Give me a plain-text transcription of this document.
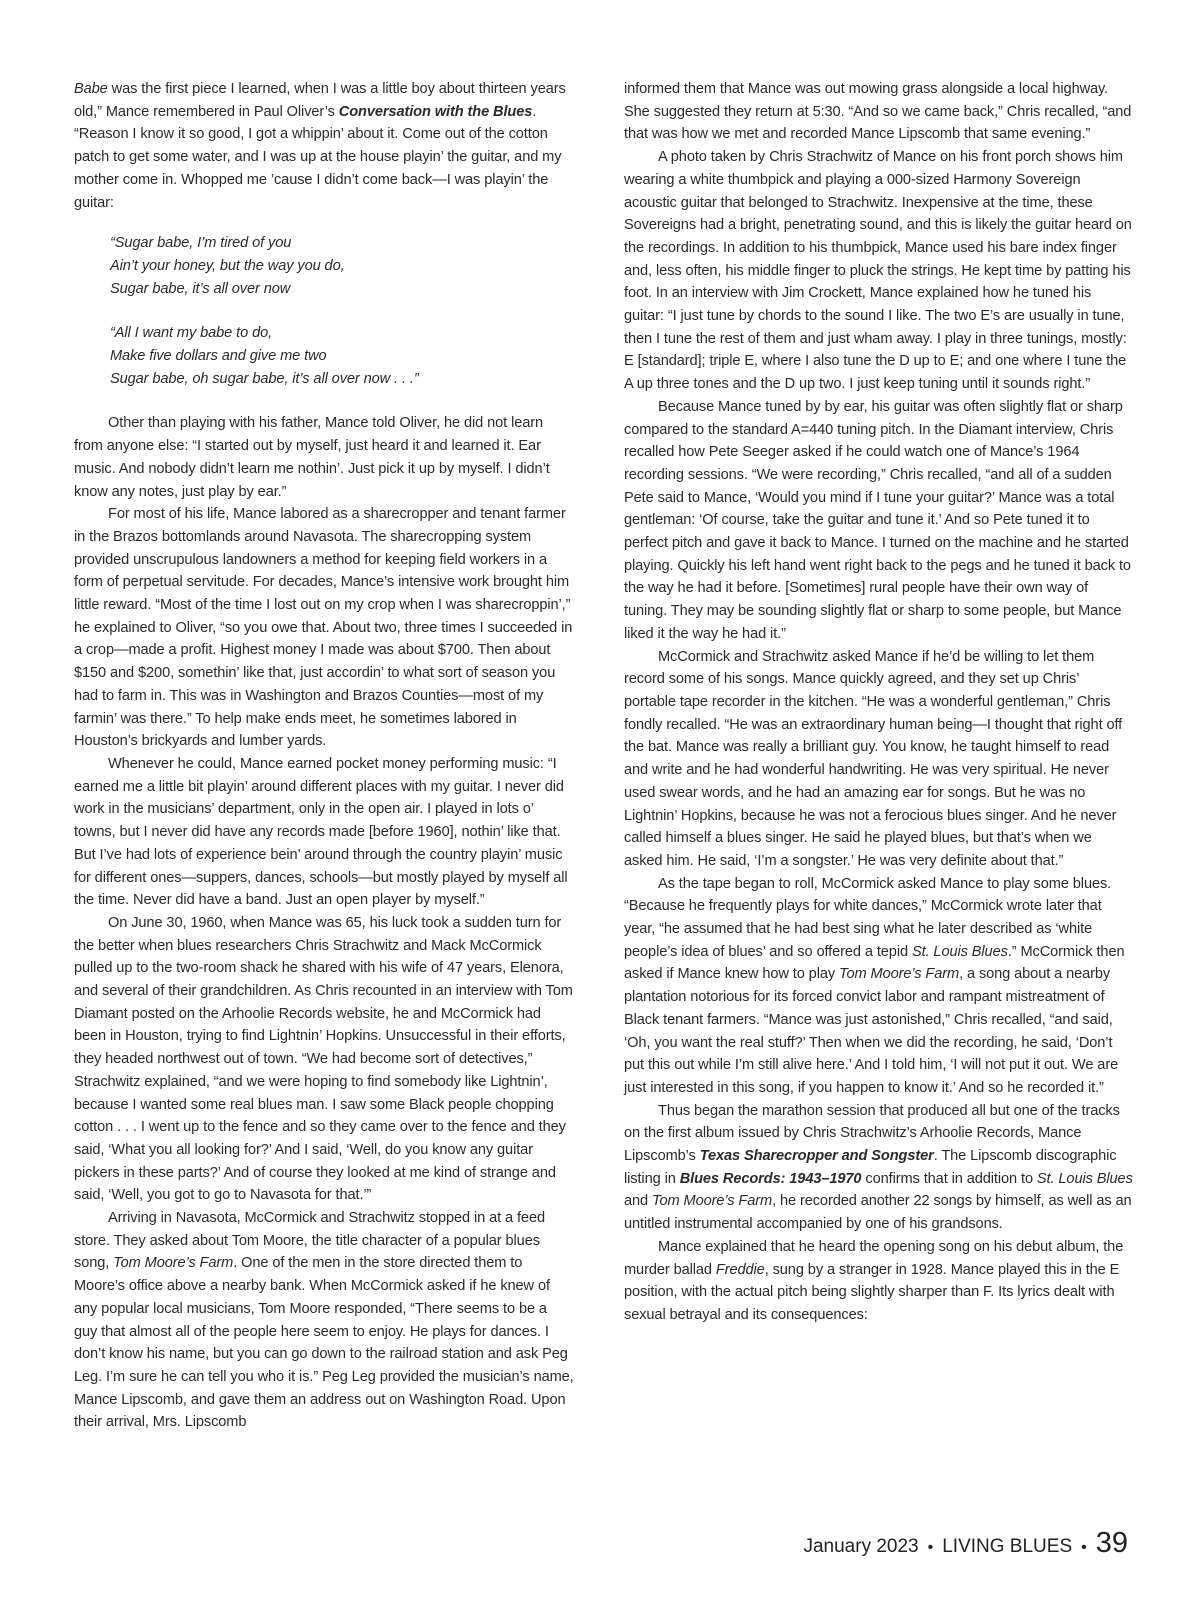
Babe was the first piece I learned, when I was a little boy about thirteen years old,” Mance remembered in Paul Oliver’s Conversation with the Blues. “Reason I know it so good, I got a whippin’ about it. Come out of the cotton patch to get some water, and I was up at the house playin’ the guitar, and my mother come in. Whopped me ’cause I didn’t come back—I was playin’ the guitar:

“Sugar babe, I’m tired of you
Ain’t your honey, but the way you do,
Sugar babe, it’s all over now
“All I want my babe to do,
Make five dollars and give me two
Sugar babe, oh sugar babe, it’s all over now . . .”

Other than playing with his father, Mance told Oliver, he did not learn from anyone else: “I started out by myself, just heard it and learned it. Ear music. And nobody didn’t learn me nothin’. Just pick it up by myself. I didn’t know any notes, just play by ear.”

For most of his life, Mance labored as a sharecropper and tenant farmer in the Brazos bottomlands around Navasota. The sharecropping system provided unscrupulous landowners a method for keeping field workers in a form of perpetual servitude. For decades, Mance’s intensive work brought him little reward. “Most of the time I lost out on my crop when I was sharecroppin’,” he explained to Oliver, “so you owe that. About two, three times I succeeded in a crop—made a profit. Highest money I made was about $700. Then about $150 and $200, somethin’ like that, just accordin’ to what sort of season you had to farm in. This was in Washington and Brazos Counties—most of my farmin’ was there.” To help make ends meet, he sometimes labored in Houston’s brickyards and lumber yards.

Whenever he could, Mance earned pocket money performing music: “I earned me a little bit playin’ around different places with my guitar. I never did work in the musicians’ department, only in the open air. I played in lots o’ towns, but I never did have any records made [before 1960], nothin’ like that. But I’ve had lots of experience bein’ around through the country playin’ music for different ones—suppers, dances, schools—but mostly played by myself all the time. Never did have a band. Just an open player by myself.”

On June 30, 1960, when Mance was 65, his luck took a sudden turn for the better when blues researchers Chris Strachwitz and Mack McCormick pulled up to the two-room shack he shared with his wife of 47 years, Elenora, and several of their grandchildren. As Chris recounted in an interview with Tom Diamant posted on the Arhoolie Records website, he and McCormick had been in Houston, trying to find Lightnin’ Hopkins. Unsuccessful in their efforts, they headed northwest out of town. “We had become sort of detectives,” Strachwitz explained, “and we were hoping to find somebody like Lightnin’, because I wanted some real blues man. I saw some Black people chopping cotton . . . I went up to the fence and so they came over to the fence and they said, ‘What you all looking for?’ And I said, ‘Well, do you know any guitar pickers in these parts?’ And of course they looked at me kind of strange and said, ‘Well, you got to go to Navasota for that.’”

Arriving in Navasota, McCormick and Strachwitz stopped in at a feed store. They asked about Tom Moore, the title character of a popular blues song, Tom Moore’s Farm. One of the men in the store directed them to Moore’s office above a nearby bank. When McCormick asked if he knew of any popular local musicians, Tom Moore responded, “There seems to be a guy that almost all of the people here seem to enjoy. He plays for dances. I don’t know his name, but you can go down to the railroad station and ask Peg Leg. I’m sure he can tell you who it is.” Peg Leg provided the musician’s name, Mance Lipscomb, and gave them an address out on Washington Road. Upon their arrival, Mrs. Lipscomb

informed them that Mance was out mowing grass alongside a local highway. She suggested they return at 5:30. “And so we came back,” Chris recalled, “and that was how we met and recorded Mance Lipscomb that same evening.”

A photo taken by Chris Strachwitz of Mance on his front porch shows him wearing a white thumbpick and playing a 000-sized Harmony Sovereign acoustic guitar that belonged to Strachwitz. Inexpensive at the time, these Sovereigns had a bright, penetrating sound, and this is likely the guitar heard on the recordings. In addition to his thumbpick, Mance used his bare index finger and, less often, his middle finger to pluck the strings. He kept time by patting his foot. In an interview with Jim Crockett, Mance explained how he tuned his guitar: “I just tune by chords to the sound I like. The two E’s are usually in tune, then I tune the rest of them and just wham away. I play in three tunings, mostly: E [standard]; triple E, where I also tune the D up to E; and one where I tune the A up three tones and the D up two. I just keep tuning until it sounds right.”

Because Mance tuned by by ear, his guitar was often slightly flat or sharp compared to the standard A=440 tuning pitch. In the Diamant interview, Chris recalled how Pete Seeger asked if he could watch one of Mance’s 1964 recording sessions. “We were recording,” Chris recalled, “and all of a sudden Pete said to Mance, ‘Would you mind if I tune your guitar?’ Mance was a total gentleman: ‘Of course, take the guitar and tune it.’ And so Pete tuned it to perfect pitch and gave it back to Mance. I turned on the machine and he started playing. Quickly his left hand went right back to the pegs and he tuned it back to the way he had it before. [Sometimes] rural people have their own way of tuning. They may be sounding slightly flat or sharp to some people, but Mance liked it the way he had it.”

McCormick and Strachwitz asked Mance if he’d be willing to let them record some of his songs. Mance quickly agreed, and they set up Chris’ portable tape recorder in the kitchen. “He was a wonderful gentleman,” Chris fondly recalled. “He was an extraordinary human being—I thought that right off the bat. Mance was really a brilliant guy. You know, he taught himself to read and write and he had wonderful handwriting. He was very spiritual. He never used swear words, and he had an amazing ear for songs. But he was no Lightnin’ Hopkins, because he was not a ferocious blues singer. And he never called himself a blues singer. He said he played blues, but that’s when we asked him. He said, ‘I’m a songster.’ He was very definite about that.”

As the tape began to roll, McCormick asked Mance to play some blues. “Because he frequently plays for white dances,” McCormick wrote later that year, “he assumed that he had best sing what he later described as ‘white people’s idea of blues’ and so offered a tepid St. Louis Blues.” McCormick then asked if Mance knew how to play Tom Moore’s Farm, a song about a nearby plantation notorious for its forced convict labor and rampant mistreatment of Black tenant farmers. “Mance was just astonished,” Chris recalled, “and said, ‘Oh, you want the real stuff?’ Then when we did the recording, he said, ‘Don’t put this out while I’m still alive here.’ And I told him, ‘I will not put it out. We are just interested in this song, if you happen to know it.’ And so he recorded it.”

Thus began the marathon session that produced all but one of the tracks on the first album issued by Chris Strachwitz’s Arhoolie Records, Mance Lipscomb’s Texas Sharecropper and Songster. The Lipscomb discographic listing in Blues Records: 1943–1970 confirms that in addition to St. Louis Blues and Tom Moore’s Farm, he recorded another 22 songs by himself, as well as an untitled instrumental accompanied by one of his grandsons.

Mance explained that he heard the opening song on his debut album, the murder ballad Freddie, sung by a stranger in 1928. Mance played this in the E position, with the actual pitch being slightly sharper than F. Its lyrics dealt with sexual betrayal and its consequences:

January 2023 • LIVING BLUES • 39
